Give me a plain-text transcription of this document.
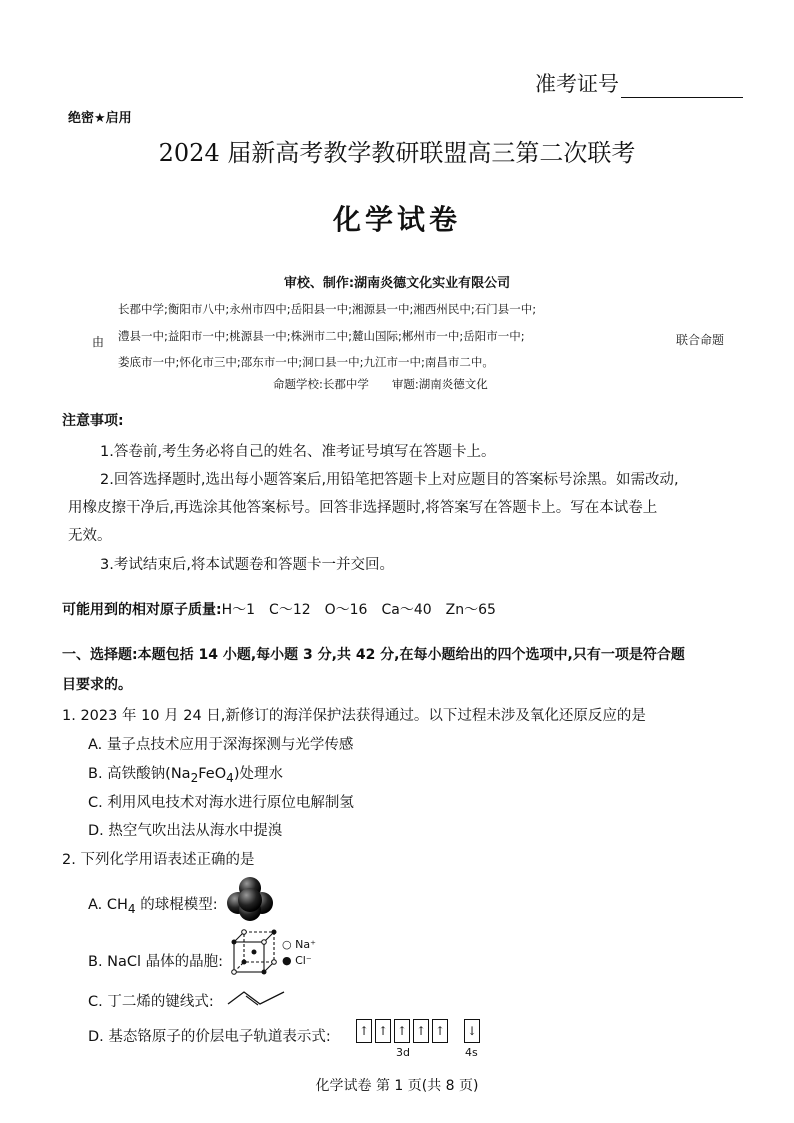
准考证号
绝密★启用
2024 届新高考教学教研联盟高三第二次联考
化学试卷
审校、制作:湖南炎德文化实业有限公司
长郡中学;衡阳市八中;永州市四中;岳阳县一中;湘源县一中;湘西州民中;石门县一中;
澧县一中;益阳市一中;桃源县一中;株洲市二中;麓山国际;郴州市一中;岳阳市一中;
娄底市一中;怀化市三中;邵东市一中;洞口县一中;九江市一中;南昌市二中。
由	联合命题
命题学校:长郡中学　　审题:湖南炎德文化
注意事项:
1.答卷前,考生务必将自己的姓名、准考证号填写在答题卡上。
2.回答选择题时,选出每小题答案后,用铅笔把答题卡上对应题目的答案标号涂黑。如需改动,
用橡皮擦干净后,再选涂其他答案标号。回答非选择题时,将答案写在答题卡上。写在本试卷上
无效。
3.考试结束后,将本试题卷和答题卡一并交回。
可能用到的相对原子质量:H～1　C～12　O～16　Ca～40　Zn～65
一、选择题:本题包括 14 小题,每小题 3 分,共 42 分,在每小题给出的四个选项中,只有一项是符合题
目要求的。
1. 2023 年 10 月 24 日,新修订的海洋保护法获得通过。以下过程未涉及氧化还原反应的是
A. 量子点技术应用于深海探测与光学传感
B. 高铁酸钠$(Na_2FeO_4)$处理水
C. 利用风电技术对海水进行原位电解制氢
D. 热空气吹出法从海水中提溴
2. 下列化学用语表述正确的是
A. $CH_4$ 的球棍模型:
B. NaCl 晶体的晶胞:
○ Na⁺
● Cl⁻
C. 丁二烯的键线式:
D. 基态铬原子的价层电子轨道表示式: ↑ ↑ ↑ ↑ ↑ ↓
3d	4s
化学试卷 第 1 页(共 8 页)
